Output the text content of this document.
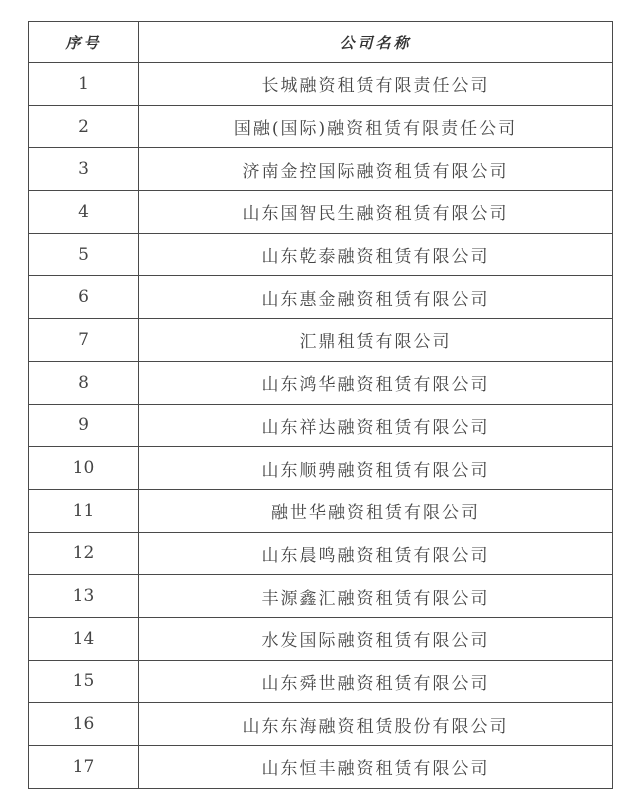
序号	公司名称
1	长城融资租赁有限责任公司
2	国融(国际)融资租赁有限责任公司
3	济南金控国际融资租赁有限公司
4	山东国智民生融资租赁有限公司
5	山东乾泰融资租赁有限公司
6	山东惠金融资租赁有限公司
7	汇鼎租赁有限公司
8	山东鸿华融资租赁有限公司
9	山东祥达融资租赁有限公司
10	山东顺骋融资租赁有限公司
11	融世华融资租赁有限公司
12	山东晨鸣融资租赁有限公司
13	丰源鑫汇融资租赁有限公司
14	水发国际融资租赁有限公司
15	山东舜世融资租赁有限公司
16	山东东海融资租赁股份有限公司
17	山东恒丰融资租赁有限公司
